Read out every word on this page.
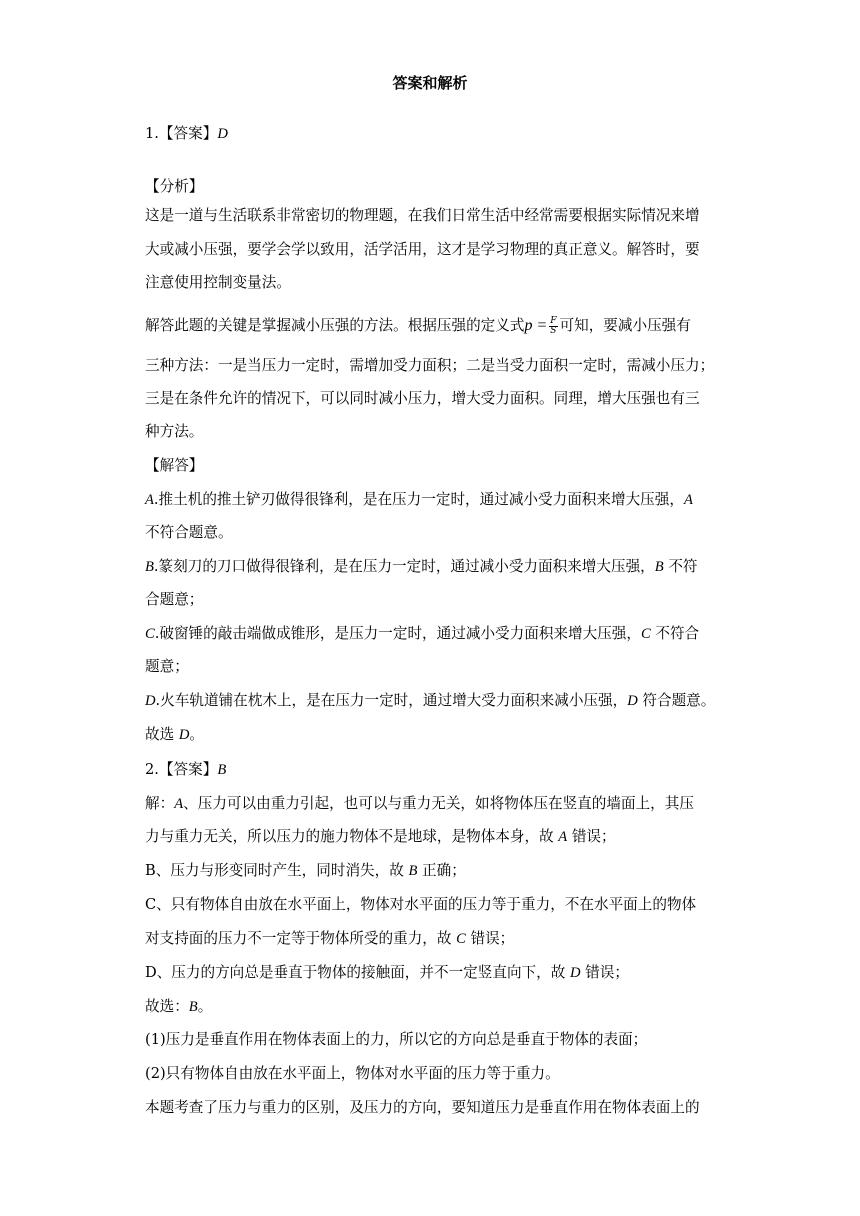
答案和解析
1.【答案】D
【分析】
这是一道与生活联系非常密切的物理题，在我们日常生活中经常需要根据实际情况来增
大或减小压强，要学会学以致用，活学活用，这才是学习物理的真正意义。解答时，要
注意使用控制变量法。
解答此题的关键是掌握减小压强的方法。根据压强的定义式$p = \frac{F}{S}$ 可知，要减小压强有
三种方法：一是当压力一定时，需增加受力面积；二是当受力面积一定时，需减小压力；
三是在条件允许的情况下，可以同时减小压力，增大受力面积。同理，增大压强也有三
种方法。
【解答】
A.推土机的推土铲刃做得很锋利，是在压力一定时，通过减小受力面积来增大压强，A
不符合题意。
B.篆刻刀的刀口做得很锋利，是在压力一定时，通过减小受力面积来增大压强，B 不符
合题意；
C.破窗锤的敲击端做成锥形，是压力一定时，通过减小受力面积来增大压强，C 不符合
题意；
D.火车轨道铺在枕木上，是在压力一定时，通过增大受力面积来减小压强，D 符合题意。
故选 D。
2.【答案】B
解：A、压力可以由重力引起，也可以与重力无关，如将物体压在竖直的墙面上，其压
力与重力无关，所以压力的施力物体不是地球，是物体本身，故 A 错误；
B、压力与形变同时产生，同时消失，故 B 正确；
C、只有物体自由放在水平面上，物体对水平面的压力等于重力，不在水平面上的物体
对支持面的压力不一定等于物体所受的重力，故 C 错误；
D、压力的方向总是垂直于物体的接触面，并不一定竖直向下，故 D 错误；
故选：B。
(1)压力是垂直作用在物体表面上的力，所以它的方向总是垂直于物体的表面；
(2)只有物体自由放在水平面上，物体对水平面的压力等于重力。
本题考查了压力与重力的区别，及压力的方向，要知道压力是垂直作用在物体表面上的
